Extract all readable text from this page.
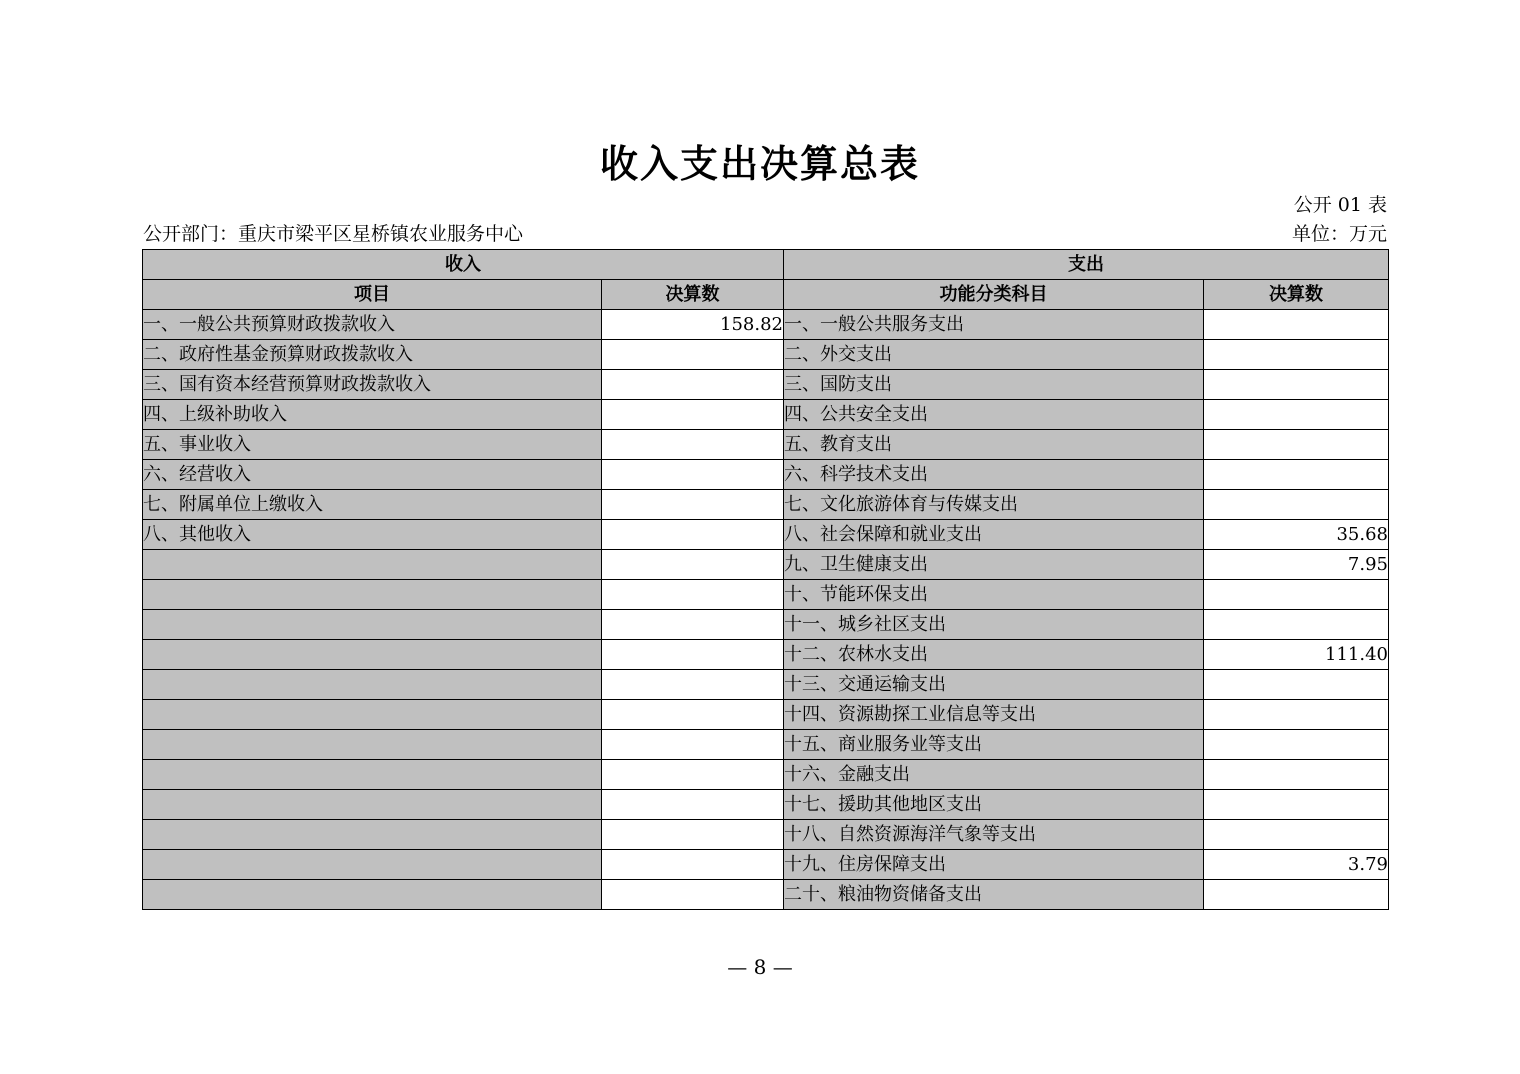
收入支出决算总表
公开 01 表
公开部门：重庆市梁平区星桥镇农业服务中心	单位：万元
收入		支出	
项目	决算数	功能分类科目	决算数
一、一般公共预算财政拨款收入	158.82	一、一般公共服务支出	
二、政府性基金预算财政拨款收入		二、外交支出	
三、国有资本经营预算财政拨款收入		三、国防支出	
四、上级补助收入		四、公共安全支出	
五、事业收入		五、教育支出	
六、经营收入		六、科学技术支出	
七、附属单位上缴收入		七、文化旅游体育与传媒支出	
八、其他收入		八、社会保障和就业支出	35.68
		九、卫生健康支出	7.95
		十、节能环保支出	
		十一、城乡社区支出	
		十二、农林水支出	111.40
		十三、交通运输支出	
		十四、资源勘探工业信息等支出	
		十五、商业服务业等支出	
		十六、金融支出	
		十七、援助其他地区支出	
		十八、自然资源海洋气象等支出	
		十九、住房保障支出	3.79
		二十、粮油物资储备支出	
— 8 —
